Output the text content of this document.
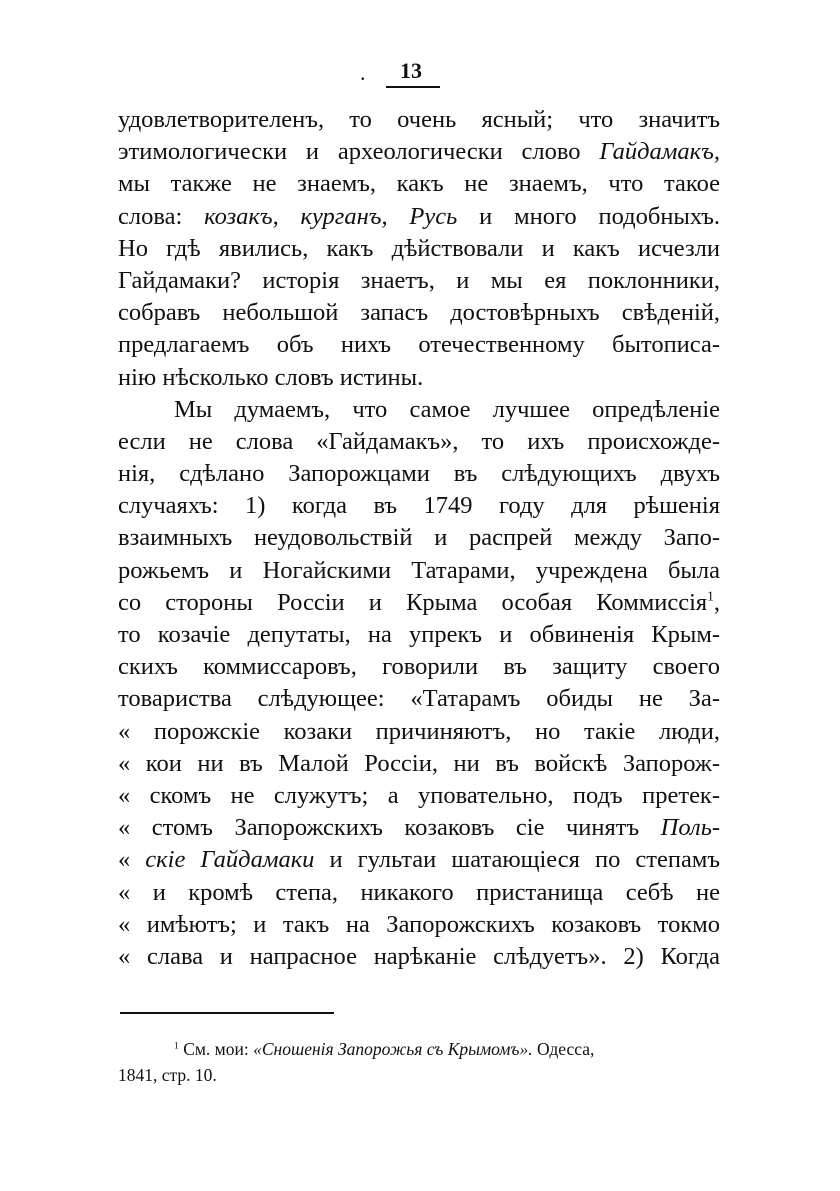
. 13
удовлетворителенъ, то очень ясный; что значитъ
этимологически и археологически слово Гайдамакъ,
мы также не знаемъ, какъ не знаемъ, что такое
слова: козакъ, курганъ, Русь и много подобныхъ.
Но гдѣ явились, какъ дѣйствовали и какъ исчезли
Гайдамаки? исторія знаетъ, и мы ея поклонники,
собравъ небольшой запасъ достовѣрныхъ свѣденій,
предлагаемъ объ нихъ отечественному бытописа-
нію нѣсколько словъ истины.
Мы думаемъ, что самое лучшее опредѣленіе
если не слова «Гайдамакъ», то ихъ происхожде-
нія, сдѣлано Запорожцами въ слѣдующихъ двухъ
случаяхъ: 1) когда въ 1749 году для рѣшенія
взаимныхъ неудовольствій и распрей между Запо-
рожьемъ и Ногайскими Татарами, учреждена была
со стороны Россіи и Крыма особая Коммиссія$^1$,
то козачіе депутаты, на упрекъ и обвиненія Крым-
скихъ коммиссаровъ, говорили въ защиту своего
товариства слѣдующее: «Татарамъ обиды не За-
« порожскіе козаки причиняютъ, но такіе люди,
« кои ни въ Малой Россіи, ни въ войскѣ Запорож-
« скомъ не служутъ; а уповательно, подъ претек-
« стомъ Запорожскихъ козаковъ сіе чинятъ Поль-
« скіе Гайдамаки и гультаи шатающіеся по степамъ
« и кромѣ степа, никакого пристанища себѣ не
« имѣютъ; и такъ на Запорожскихъ козаковъ токмо
« слава и напрасное нарѣканіе слѣдуетъ». 2) Когда
$^1$ См. мои: «Сношенія Запорожья съ Крымомъ». Одесса,
1841, стр. 10.
